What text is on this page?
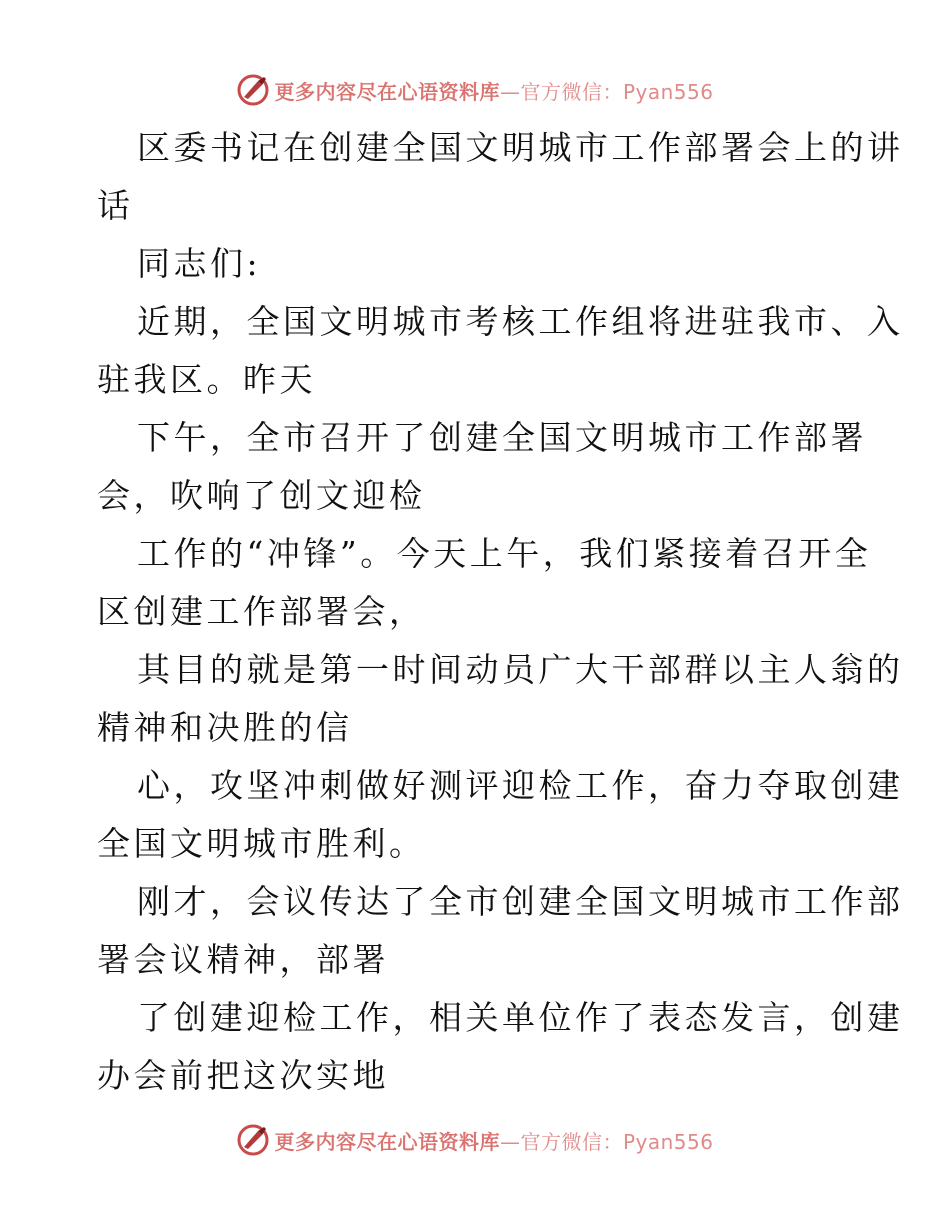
更多内容尽在心语资料库—官方微信：Pyan556
区委书记在创建全国文明城市工作部署会上的讲
话
同志们:
近期，全国文明城市考核工作组将进驻我市、入
驻我区。昨天
下午，全市召开了创建全国文明城市工作部署
会，吹响了创文迎检
工作的“冲锋”。今天上午，我们紧接着召开全
区创建工作部署会，
其目的就是第一时间动员广大干部群以主人翁的
精神和决胜的信
心，攻坚冲刺做好测评迎检工作，奋力夺取创建
全国文明城市胜利。
刚才，会议传达了全市创建全国文明城市工作部
署会议精神，部署
了创建迎检工作，相关单位作了表态发言，创建
办会前把这次实地
更多内容尽在心语资料库—官方微信：Pyan556
